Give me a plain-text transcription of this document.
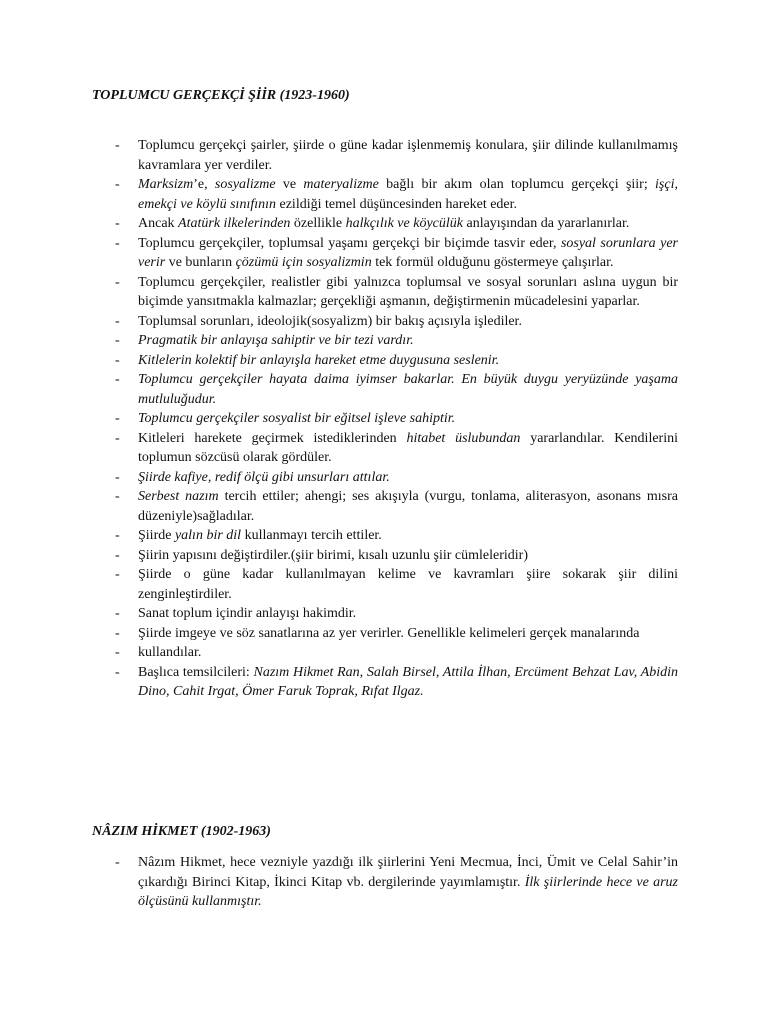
TOPLUMCU GERÇEKÇİ ŞİİR (1923-1960)
- Toplumcu gerçekçi şairler, şiirde o güne kadar işlenmemiş konulara, şiir dilinde kullanılmamış kavramlara yer verdiler.

- Marksizm’e, sosyalizme ve materyalizme bağlı bir akım olan toplumcu gerçekçi şiir; işçi, emekçi ve köylü sınıfının ezildiği temel düşüncesinden hareket eder.

- Ancak Atatürk ilkelerinden özellikle halkçılık ve köycülük anlayışından da yararlanırlar.

- Toplumcu gerçekçiler, toplumsal yaşamı gerçekçi bir biçimde tasvir eder, sosyal sorunlara yer verir ve bunların çözümü için sosyalizmin tek formül olduğunu göstermeye çalışırlar.

- Toplumcu gerçekçiler, realistler gibi yalnızca toplumsal ve sosyal sorunları aslına uygun bir biçimde yansıtmakla kalmazlar; gerçekliği aşmanın, değiştirmenin mücadelesini yaparlar.

- Toplumsal sorunları, ideolojik(sosyalizm) bir bakış açısıyla işlediler.

- Pragmatik bir anlayışa sahiptir ve bir tezi vardır.

- Kitlelerin kolektif bir anlayışla hareket etme duygusuna seslenir.

- Toplumcu gerçekçiler hayata daima iyimser bakarlar. En büyük duygu yeryüzünde yaşama mutluluğudur.

- Toplumcu gerçekçiler sosyalist bir eğitsel işleve sahiptir.

- Kitleleri harekete geçirmek istediklerinden hitabet üslubundan yararlandılar. Kendilerini toplumun sözcüsü olarak gördüler.

- Şiirde kafiye, redif ölçü gibi unsurları attılar.

- Serbest nazım tercih ettiler; ahengi; ses akışıyla (vurgu, tonlama, aliterasyon, asonans mısra düzeniyle)sağladılar.

- Şiirde yalın bir dil kullanmayı tercih ettiler.

- Şiirin yapısını değiştirdiler.(şiir birimi, kısalı uzunlu şiir cümleleridir)

- Şiirde o güne kadar kullanılmayan kelime ve kavramları şiire sokarak şiir dilini zenginleştirdiler.

- Sanat toplum içindir anlayışı hakimdir.

- Şiirde imgeye ve söz sanatlarına az yer verirler. Genellikle kelimeleri gerçek manalarında

- kullandılar.

- Başlıca temsilcileri: Nazım Hikmet Ran, Salah Birsel, Attila İlhan, Ercüment Behzat Lav, Abidin Dino, Cahit Irgat, Ömer Faruk Toprak, Rıfat Ilgaz.

NÂZIM HİKMET (1902-1963)
- Nâzım Hikmet, hece vezniyle yazdığı ilk şiirlerini Yeni Mecmua, İnci, Ümit ve Celal Sahir’in çıkardığı Birinci Kitap, İkinci Kitap vb. dergilerinde yayımlamıştır. İlk şiirlerinde hece ve aruz ölçüsünü kullanmıştır.
